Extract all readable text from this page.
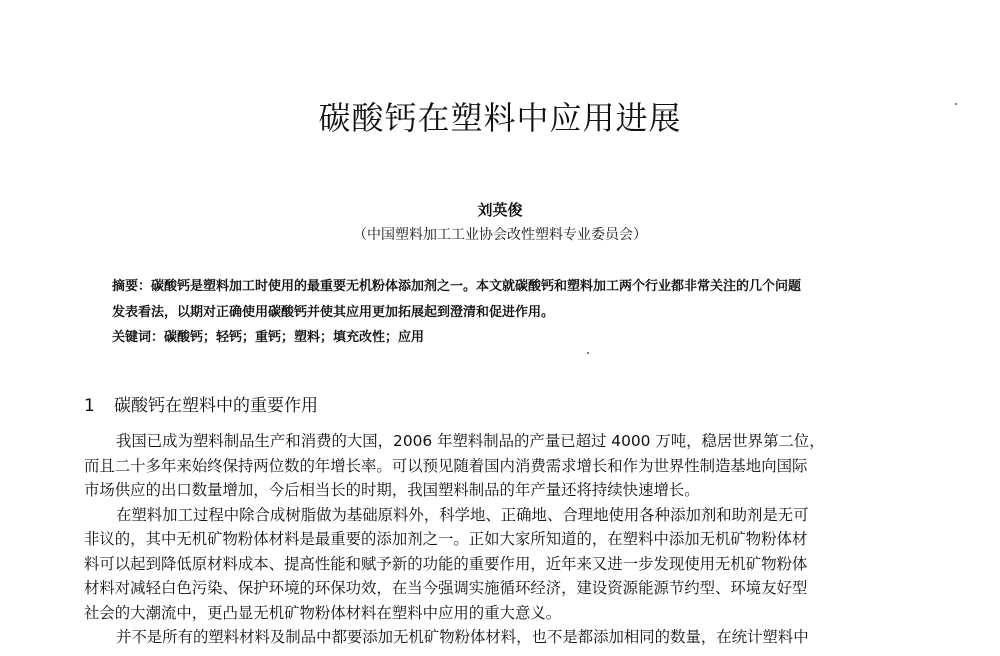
碳酸钙在塑料中应用进展
刘英俊
（中国塑料加工工业协会改性塑料专业委员会）
摘要：碳酸钙是塑料加工时使用的最重要无机粉体添加剂之一。本文就碳酸钙和塑料加工两个行业都非常关注的几个问题
发表看法，以期对正确使用碳酸钙并使其应用更加拓展起到澄清和促进作用。
关键词：碳酸钙；轻钙；重钙；塑料；填充改性；应用
1 碳酸钙在塑料中的重要作用
我国已成为塑料制品生产和消费的大国，2006 年塑料制品的产量已超过 4000 万吨，稳居世界第二位，
而且二十多年来始终保持两位数的年增长率。可以预见随着国内消费需求增长和作为世界性制造基地向国际
市场供应的出口数量增加，今后相当长的时期，我国塑料制品的年产量还将持续快速增长。
在塑料加工过程中除合成树脂做为基础原料外，科学地、正确地、合理地使用各种添加剂和助剂是无可
非议的，其中无机矿物粉体材料是最重要的添加剂之一。正如大家所知道的，在塑料中添加无机矿物粉体材
料可以起到降低原材料成本、提高性能和赋予新的功能的重要作用，近年来又进一步发现使用无机矿物粉体
材料对减轻白色污染、保护环境的环保功效，在当今强调实施循环经济，建设资源能源节约型、环境友好型
社会的大潮流中，更凸显无机矿物粉体材料在塑料中应用的重大意义。
并不是所有的塑料材料及制品中都要添加无机矿物粉体材料，也不是都添加相同的数量，在统计塑料中
